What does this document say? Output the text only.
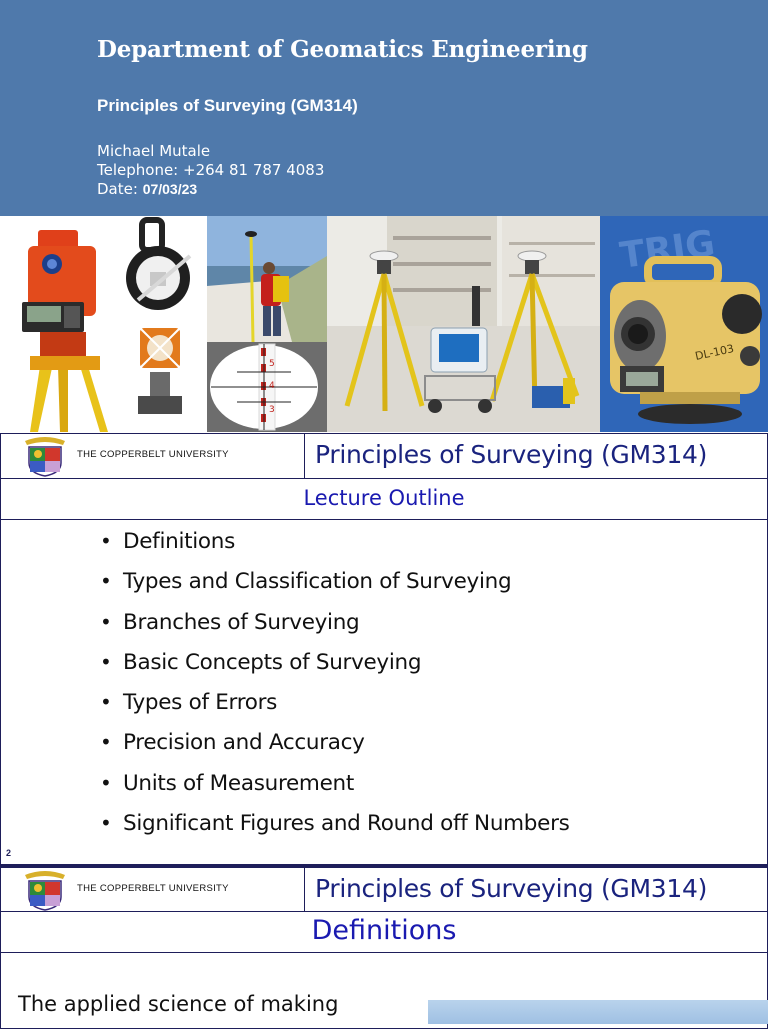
Department of Geomatics Engineering
Principles of Surveying (GM314)
Michael Mutale
Telephone: +264 81 787 4083
Date: 07/03/23
5
4
3
TRIG
DL-103
THE COPPERBELT UNIVERSITY	Principles of Surveying (GM314)
Lecture Outline
• Definitions
• Types and Classification of Surveying
• Branches of Surveying
• Basic Concepts of Surveying
• Types of Errors
• Precision and Accuracy
• Units of Measurement
• Significant Figures and Round off Numbers
2
THE COPPERBELT UNIVERSITY	Principles of Surveying (GM314)
Definitions
The applied science of making
